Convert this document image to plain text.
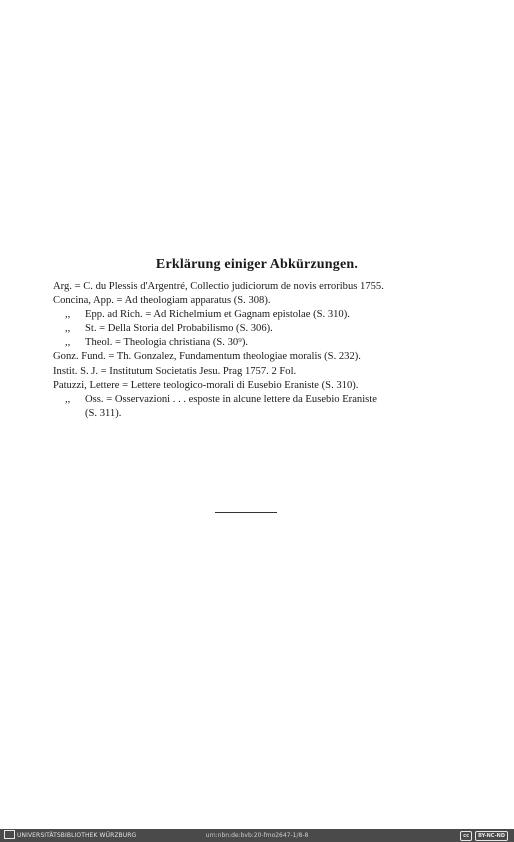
Erklärung einiger Abkürzungen.
Arg. = C. du Plessis d'Argentré, Collectio judiciorum de novis erroribus 1755.
Concina, App. = Ad theologiam apparatus (S. 308).
,, Epp. ad Rich. = Ad Richelmium et Gagnam epistolae (S. 310).
,, St. = Della Storia del Probabilismo (S. 306).
,, Theol. = Theologia christiana (S. 30⁹).
Gonz. Fund. = Th. Gonzalez, Fundamentum theologiae moralis (S. 232).
Instit. S. J. = Institutum Societatis Jesu. Prag 1757. 2 Fol.
Patuzzi, Lettere = Lettere teologico-morali di Eusebio Eraniste (S. 310).
,, Oss. = Osservazioni . . . esposte in alcune lettere da Eusebio Eraniste
(S. 311).
UNIVERSITÄTSBIBLIOTHEK WÜRZBURG	urn:nbn:de:bvb:20-fmo2647-1/8-8	cc	BY-NC-ND
